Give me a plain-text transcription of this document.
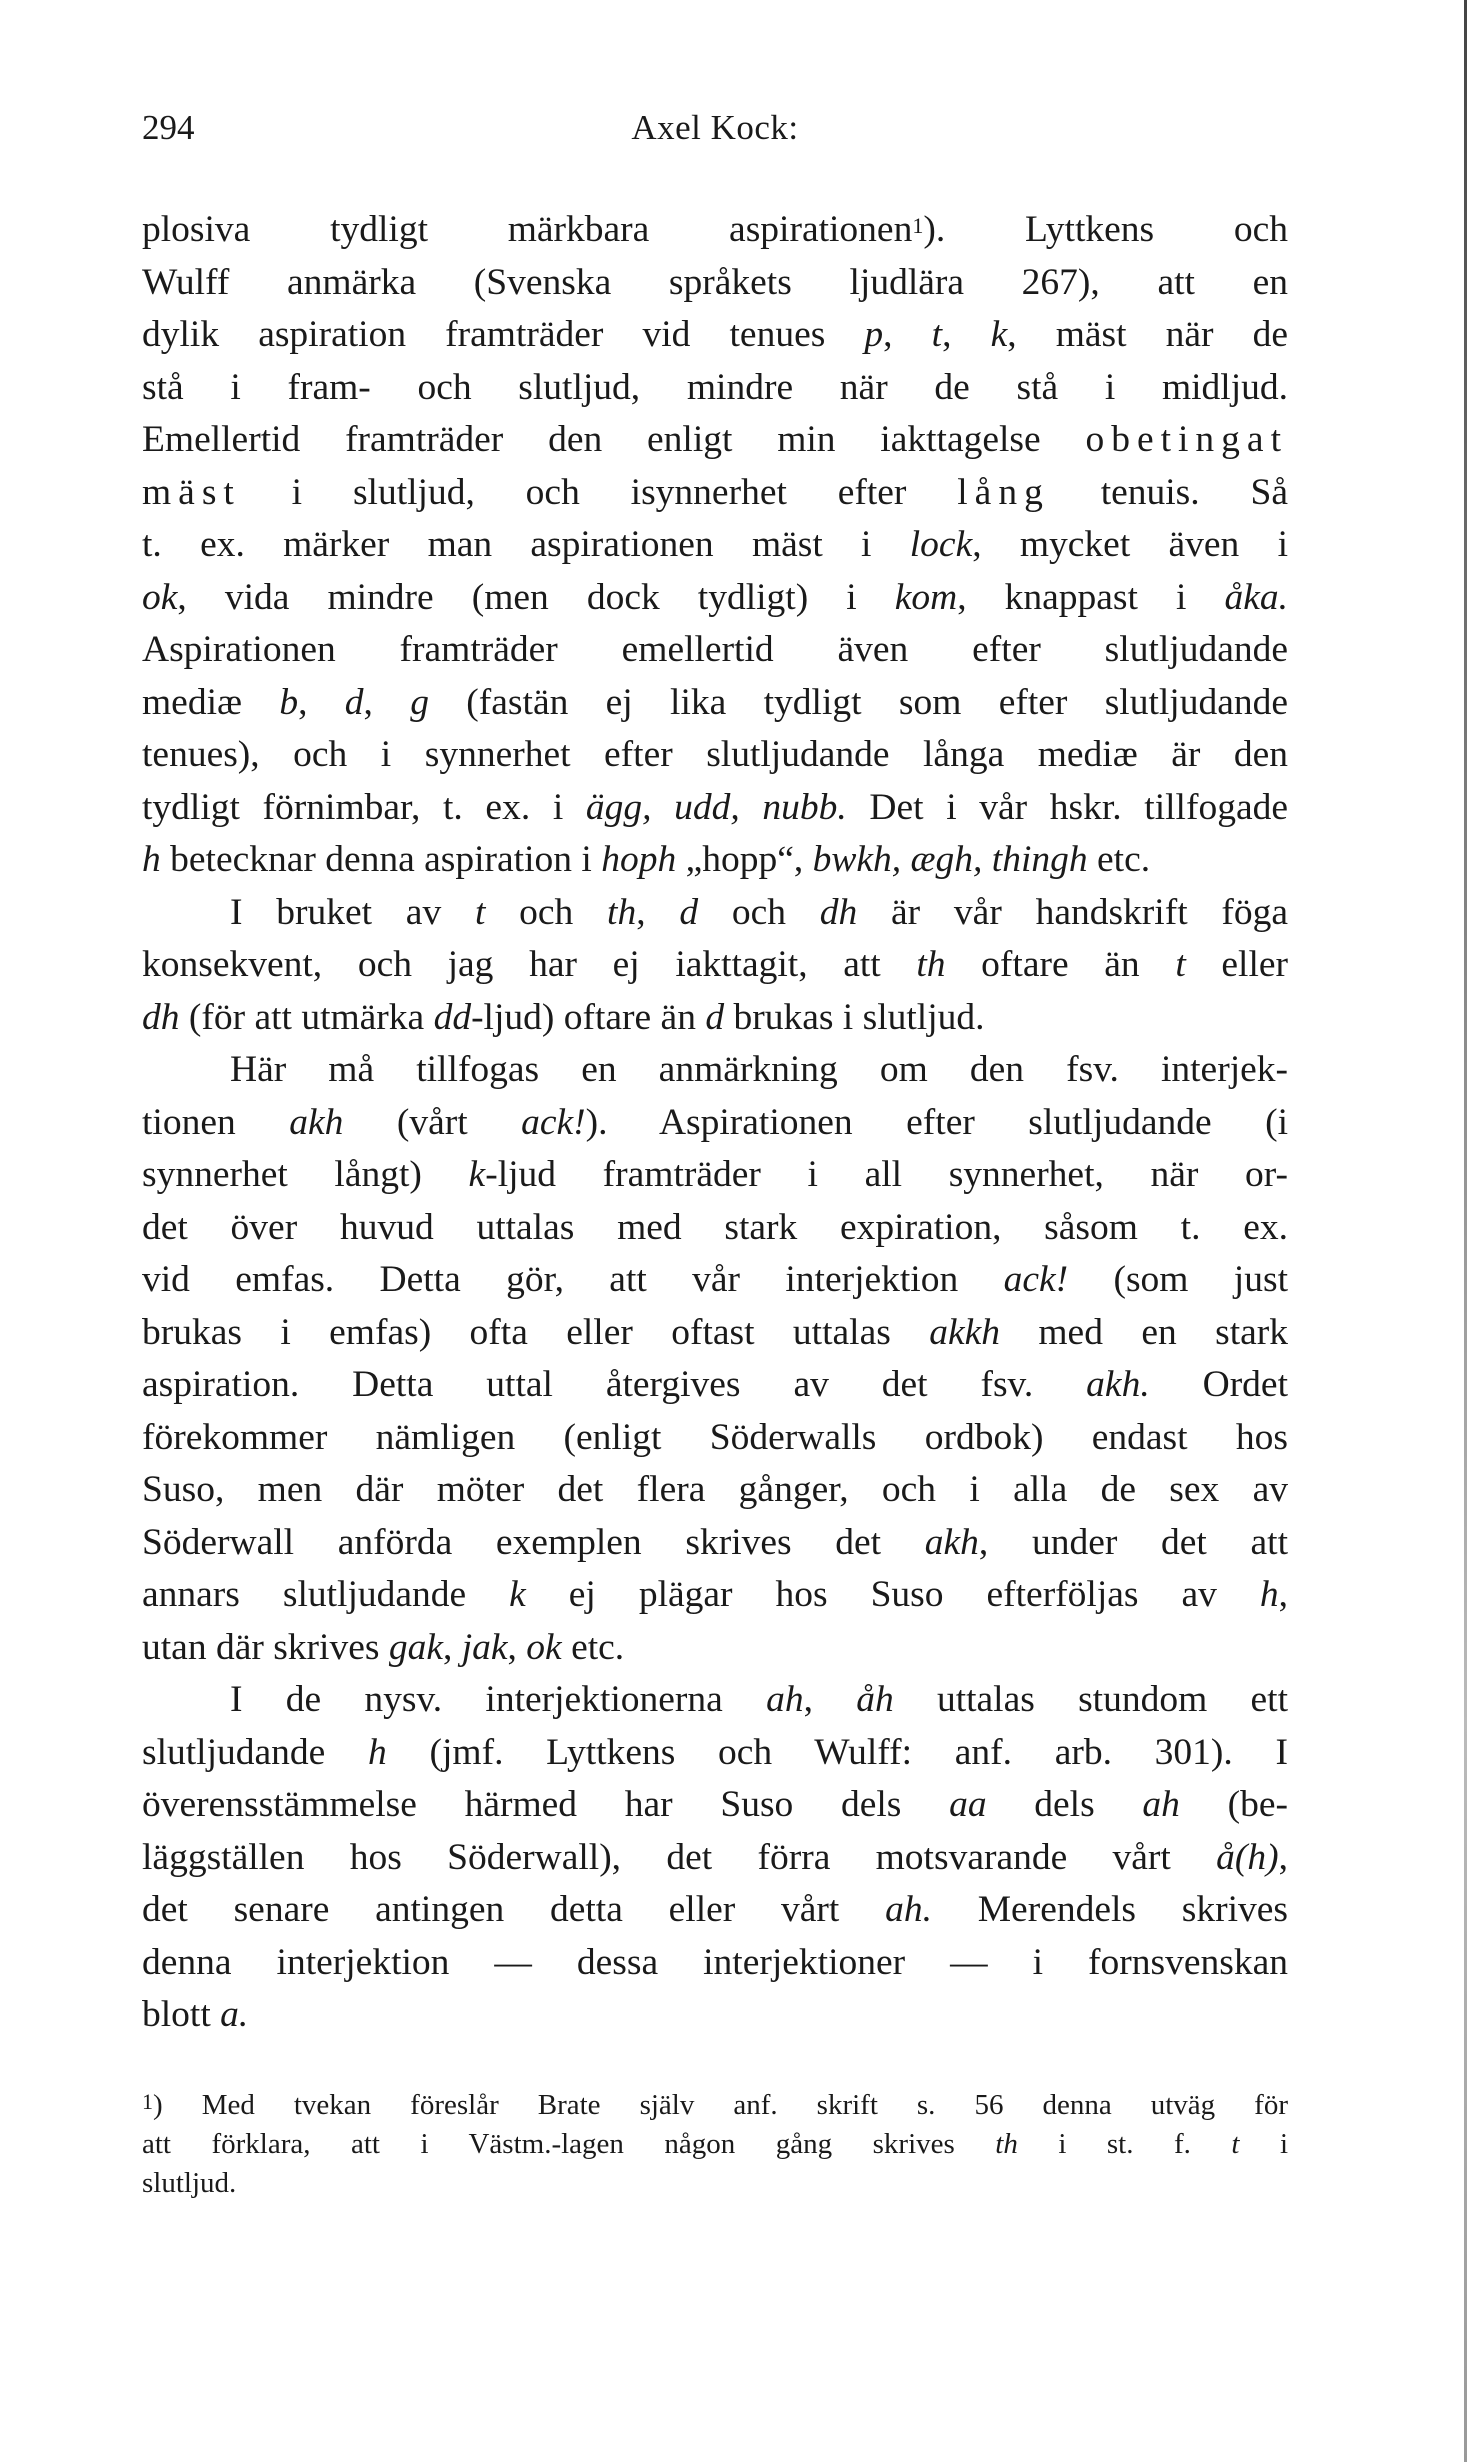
Axel Kock:
294
plosiva tydligt märkbara aspirationen$^1$). Lyttkens och
Wulff anmärka (Svenska språkets ljudlära 267), att en
dylik aspiration framträder vid tenues p, t, k, mäst när de
stå i fram- och slutljud, mindre när de stå i midljud.
Emellertid framträder den enligt min iakttagelse obetingat
mäst i slutljud, och isynnerhet efter lång tenuis. Så
t. ex. märker man aspirationen mäst i lock, mycket även i
ok, vida mindre (men dock tydligt) i kom, knappast i åka.
Aspirationen framträder emellertid även efter slutljudande
mediæ b, d, g (fastän ej lika tydligt som efter slutljudande
tenues), och i synnerhet efter slutljudande långa mediæ är den
tydligt förnimbar, t. ex. i ägg, udd, nubb. Det i vår hskr. tillfogade
h betecknar denna aspiration i hoph „hopp“, bwkh, ægh, thingh etc.
I bruket av t och th, d och dh är vår handskrift föga
konsekvent, och jag har ej iakttagit, att th oftare än t eller
dh (för att utmärka dd-ljud) oftare än d brukas i slutljud.
Här må tillfogas en anmärkning om den fsv. interjek-
tionen akh (vårt ack!). Aspirationen efter slutljudande (i
synnerhet långt) k-ljud framträder i all synnerhet, när or-
det över huvud uttalas med stark expiration, såsom t. ex.
vid emfas. Detta gör, att vår interjektion ack! (som just
brukas i emfas) ofta eller oftast uttalas akkh med en stark
aspiration. Detta uttal återgives av det fsv. akh. Ordet
förekommer nämligen (enligt Söderwalls ordbok) endast hos
Suso, men där möter det flera gånger, och i alla de sex av
Söderwall anförda exemplen skrives det akh, under det att
annars slutljudande k ej plägar hos Suso efterföljas av h,
utan där skrives gak, jak, ok etc.
I de nysv. interjektionerna ah, åh uttalas stundom ett
slutljudande h (jmf. Lyttkens och Wulff: anf. arb. 301). I
överensstämmelse härmed har Suso dels aa dels ah (be-
läggställen hos Söderwall), det förra motsvarande vårt å(h),
det senare antingen detta eller vårt ah. Merendels skrives
denna interjektion — dessa interjektioner — i fornsvenskan
blott a.
$^1$) Med tvekan föreslår Brate själv anf. skrift s. 56 denna utväg för
att förklara, att i Västm.-lagen någon gång skrives th i st. f. t i
slutljud.
